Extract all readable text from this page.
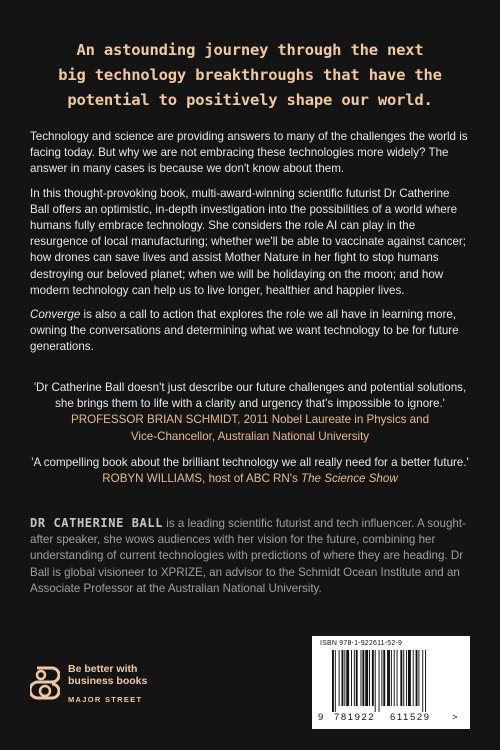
An astounding journey through the next
big technology breakthroughs that have the
potential to positively shape our world.

Technology and science are providing answers to many of the challenges the world is facing today. But why we are not embracing these technologies more widely? The answer in many cases is because we don't know about them.

In this thought-provoking book, multi-award-winning scientific futurist Dr Catherine Ball offers an optimistic, in-depth investigation into the possibilities of a world where humans fully embrace technology. She considers the role AI can play in the resurgence of local manufacturing; whether we'll be able to vaccinate against cancer; how drones can save lives and assist Mother Nature in her fight to stop humans destroying our beloved planet; when we will be holidaying on the moon; and how modern technology can help us to live longer, healthier and happier lives.

Converge is also a call to action that explores the role we all have in learning more, owning the conversations and determining what we want technology to be for future generations.

'Dr Catherine Ball doesn't just describe our future challenges and potential solutions, she brings them to life with a clarity and urgency that's impossible to ignore.'
PROFESSOR BRIAN SCHMIDT, 2011 Nobel Laureate in Physics and
Vice-Chancellor, Australian National University
'A compelling book about the brilliant technology we all really need for a better future.' ROBYN WILLIAMS, host of ABC RN's The Science Show
DR CATHERINE BALL is a leading scientific futurist and tech influencer. A sought-after speaker, she wows audiences with her vision for the future, combining her understanding of current technologies with predictions of where they are heading. Dr Ball is global visioneer to XPRIZE, an advisor to the Schmidt Ocean Institute and an Associate Professor at the Australian National University.
Be better with
business books
MAJOR STREET
ISBN 978-1-922611-52-9
9 781922 611529 >
